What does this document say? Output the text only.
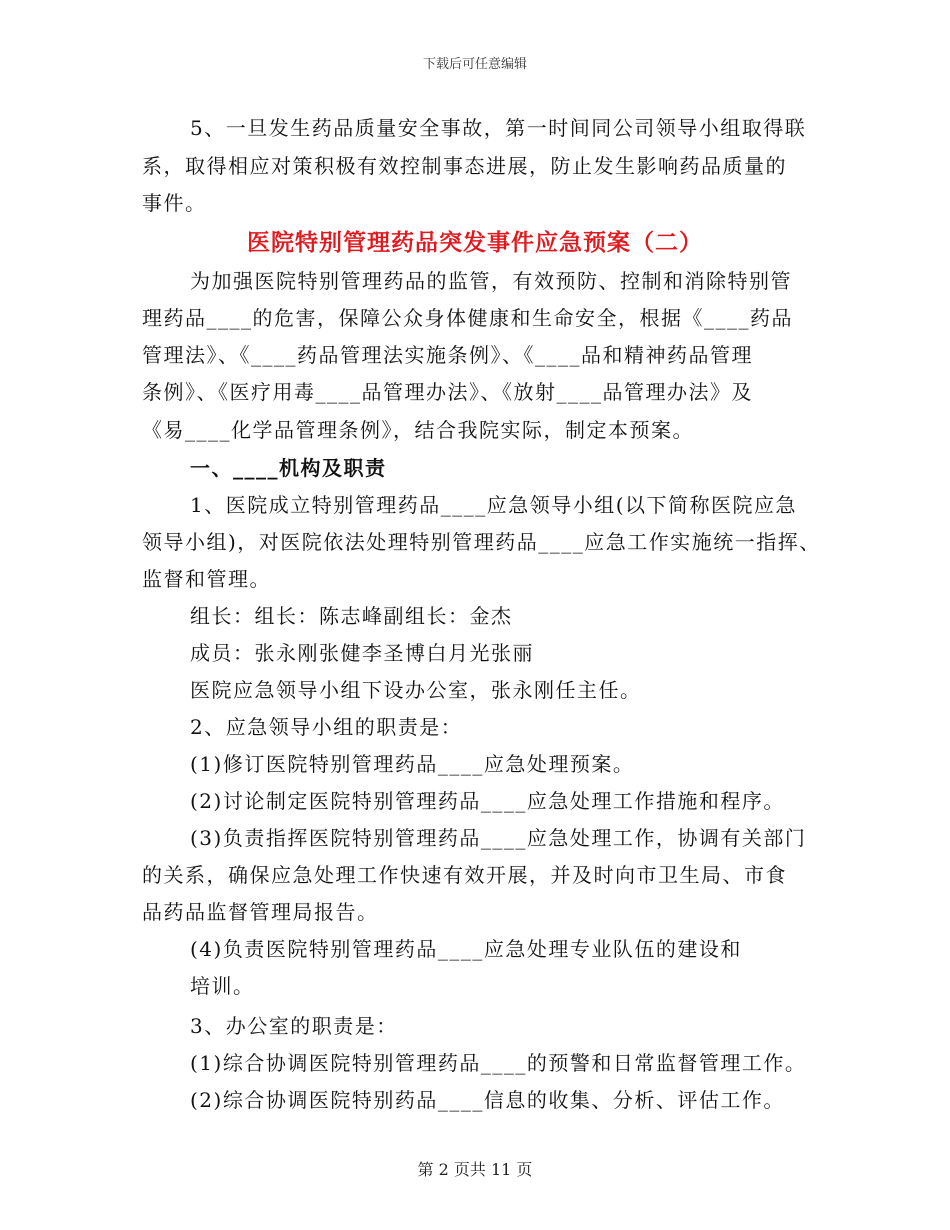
下载后可任意编辑
5、一旦发生药品质量安全事故，第一时间同公司领导小组取得联
系，取得相应对策积极有效控制事态进展，防止发生影响药品质量的
事件。
医院特别管理药品突发事件应急预案（二）
为加强医院特别管理药品的监管，有效预防、控制和消除特别管
理药品____的危害，保障公众身体健康和生命安全，根据《____药品
管理法》、《____药品管理法实施条例》、《____品和精神药品管理
条例》、《医疗用毒____品管理办法》、《放射____品管理办法》及
《易____化学品管理条例》，结合我院实际，制定本预案。
一、____机构及职责
1、医院成立特别管理药品____应急领导小组(以下简称医院应急
领导小组)，对医院依法处理特别管理药品____应急工作实施统一指挥、
监督和管理。
组长：组长：陈志峰副组长：金杰
成员：张永刚张健李圣博白月光张丽
医院应急领导小组下设办公室，张永刚任主任。
2、应急领导小组的职责是：
(1)修订医院特别管理药品____应急处理预案。
(2)讨论制定医院特别管理药品____应急处理工作措施和程序。
(3)负责指挥医院特别管理药品____应急处理工作，协调有关部门
的关系，确保应急处理工作快速有效开展，并及时向市卫生局、市食
品药品监督管理局报告。
(4)负责医院特别管理药品____应急处理专业队伍的建设和
培训。
3、办公室的职责是：
(1)综合协调医院特别管理药品____的预警和日常监督管理工作。
(2)综合协调医院特别药品____信息的收集、分析、评估工作。
第 2 页共 11 页
